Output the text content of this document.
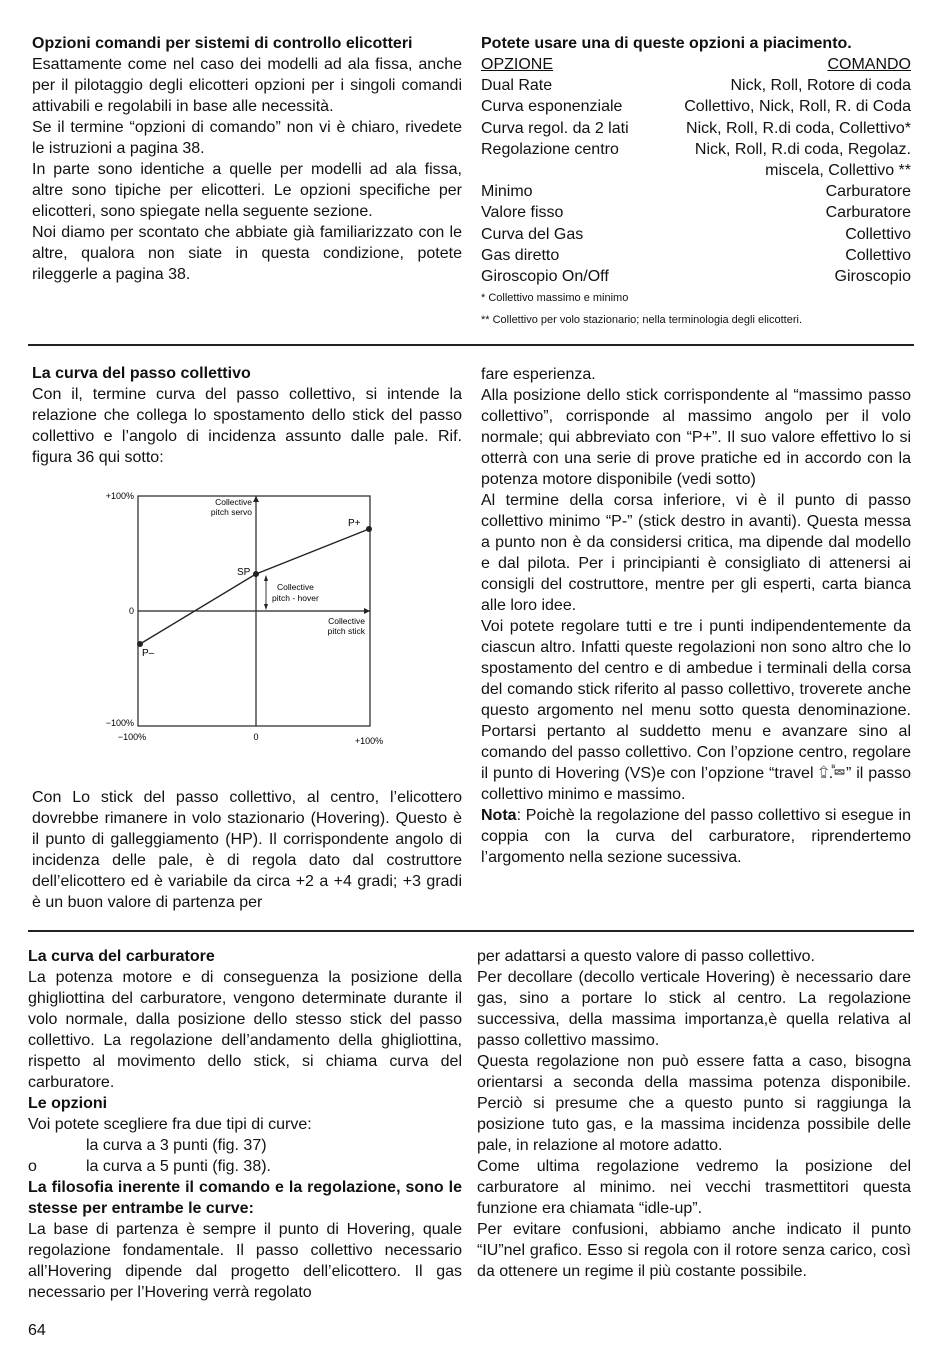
Opzioni comandi per sistemi di controllo elicotteri

Esattamente come nel caso dei modelli ad ala fissa, anche per il pilotaggio degli elicotteri opzioni per i singoli comandi attivabili e regolabili in base alle necessità.

Se il termine “opzioni di comando” non vi è chiaro, rivedete le istruzioni a pagina 38.

In parte sono identiche a quelle per modelli ad ala fissa, altre sono tipiche per elicotteri. Le opzioni specifiche per elicotteri, sono spiegate nella seguente sezione.

Noi diamo per scontato che abbiate già familiarizzato con le altre, qualora non siate in questa condizione, potete rileggerle a pagina 38.

Potete usare una di queste opzioni a piacimento.

OPZIONE	COMANDO
Dual Rate	Nick, Roll, Rotore di coda
Curva esponenziale	Collettivo, Nick, Roll, R. di Coda
Curva regol. da 2 lati	Nick, Roll, R.di coda, Collettivo*
Regolazione centro	Nick, Roll, R.di coda, Regolaz.
	miscela, Collettivo **
Minimo	Carburatore
Valore fisso	Carburatore
Curva del Gas	Collettivo
Gas diretto	Collettivo
Giroscopio On/Off	Giroscopio

* Collettivo massimo e minimo

** Collettivo per volo stazionario; nella terminologia degli elicotteri.

La curva del passo collettivo

Con il, termine curva del passo collettivo, si intende la relazione che collega lo spostamento dello stick del passo collettivo e l’angolo di incidenza assunto dalle pale. Rif. figura 36 qui sotto:

+100%
0
−100%
−100%	0	+100%
Collective
pitch servo
Collective
pitch - hover
Collective
pitch stick
P+
P–
SP

Con Lo stick del passo collettivo, al centro, l’elicottero dovrebbe rimanere in volo stazionario (Hovering). Questo è il punto di galleggiamento (HP). Il corrispondente angolo di incidenza delle pale, è di regola dato dal costruttore dell’elicottero ed è variabile da circa +2 a +4 gradi; +3 gradi è un buon valore di partenza per

fare esperienza.

Alla posizione dello stick corrispondente al “massimo passo collettivo”, corrisponde al massimo angolo per il volo normale; qui abbreviato con “P+”. Il suo valore effettivo lo si otterrà con una serie di prove pratiche ed in accordo con la potenza motore disponibile (vedi sotto)

Al termine della corsa inferiore, vi è il punto di passo collettivo minimo “P-” (stick destro in avanti). Questa messa a punto non è da considersi critica, ma dipende dal modello e dal pilota. Per i principianti è consigliato di attenersi ai consigli del costruttore, mentre per gli esperti, carta bianca alle loro idee.

Voi potete regolare tutti e tre i punti indipendentemente da ciascun altro. Infatti queste regolazioni non sono altro che lo spostamento del centro e di ambedue i terminali della corsa del comando stick riferito al passo collettivo, troverete anche questo argomento nel menu sotto questa denominazione. Portarsi pertanto al suddetto menu e avanzare sino al comando del passo collettivo. Con l’opzione centro, regolare il punto di Hovering (VS)e con l’opzione “travel ⮸.ⷡ⮹” il passo collettivo minimo e massimo.

Nota: Poichè la regolazione del passo collettivo si esegue in coppia con la curva del carburatore, riprendertemo l’argomento nella sezione sucessiva.

La curva del carburatore

La potenza motore e di conseguenza la posizione della ghigliottina del carburatore, vengono determinate durante il volo normale, dalla posizione dello stesso stick del passo collettivo. La regolazione dell’andamento della ghigliottina, rispetto al movimento dello stick, si chiama curva del carburatore.

Le opzioni

Voi potete scegliere fra due tipi di curve:

la curva a 3 punti (fig. 37)

o	la curva a 5 punti (fig. 38).

La filosofia inerente il comando e la regolazione, sono le stesse per entrambe le curve:

La base di partenza è sempre il punto di Hovering, quale regolazione fondamentale. Il passo collettivo necessario all’Hovering dipende dal progetto dell’elicottero. Il gas necessario per l’Hovering verrà regolato

per adattarsi a questo valore di passo collettivo.

Per decollare (decollo verticale Hovering) è necessario dare gas, sino a portare lo stick al centro. La regolazione successiva, della massima importanza,è quella relativa al passo collettivo massimo.

Questa regolazione non può essere fatta a caso, bisogna orientarsi a seconda della massima potenza disponibile. Perciò si presume che a questo punto si raggiunga la posizione tuto gas, e la massima incidenza possibile delle pale, in relazione al motore adatto.

Come ultima regolazione vedremo la posizione del carburatore al minimo. nei vecchi trasmettitori questa funzione era chiamata “idle-up”.

Per evitare confusioni, abbiamo anche indicato il punto “IU”nel grafico. Esso si regola con il rotore senza carico, così da ottenere un regime il più costante possibile.

64
